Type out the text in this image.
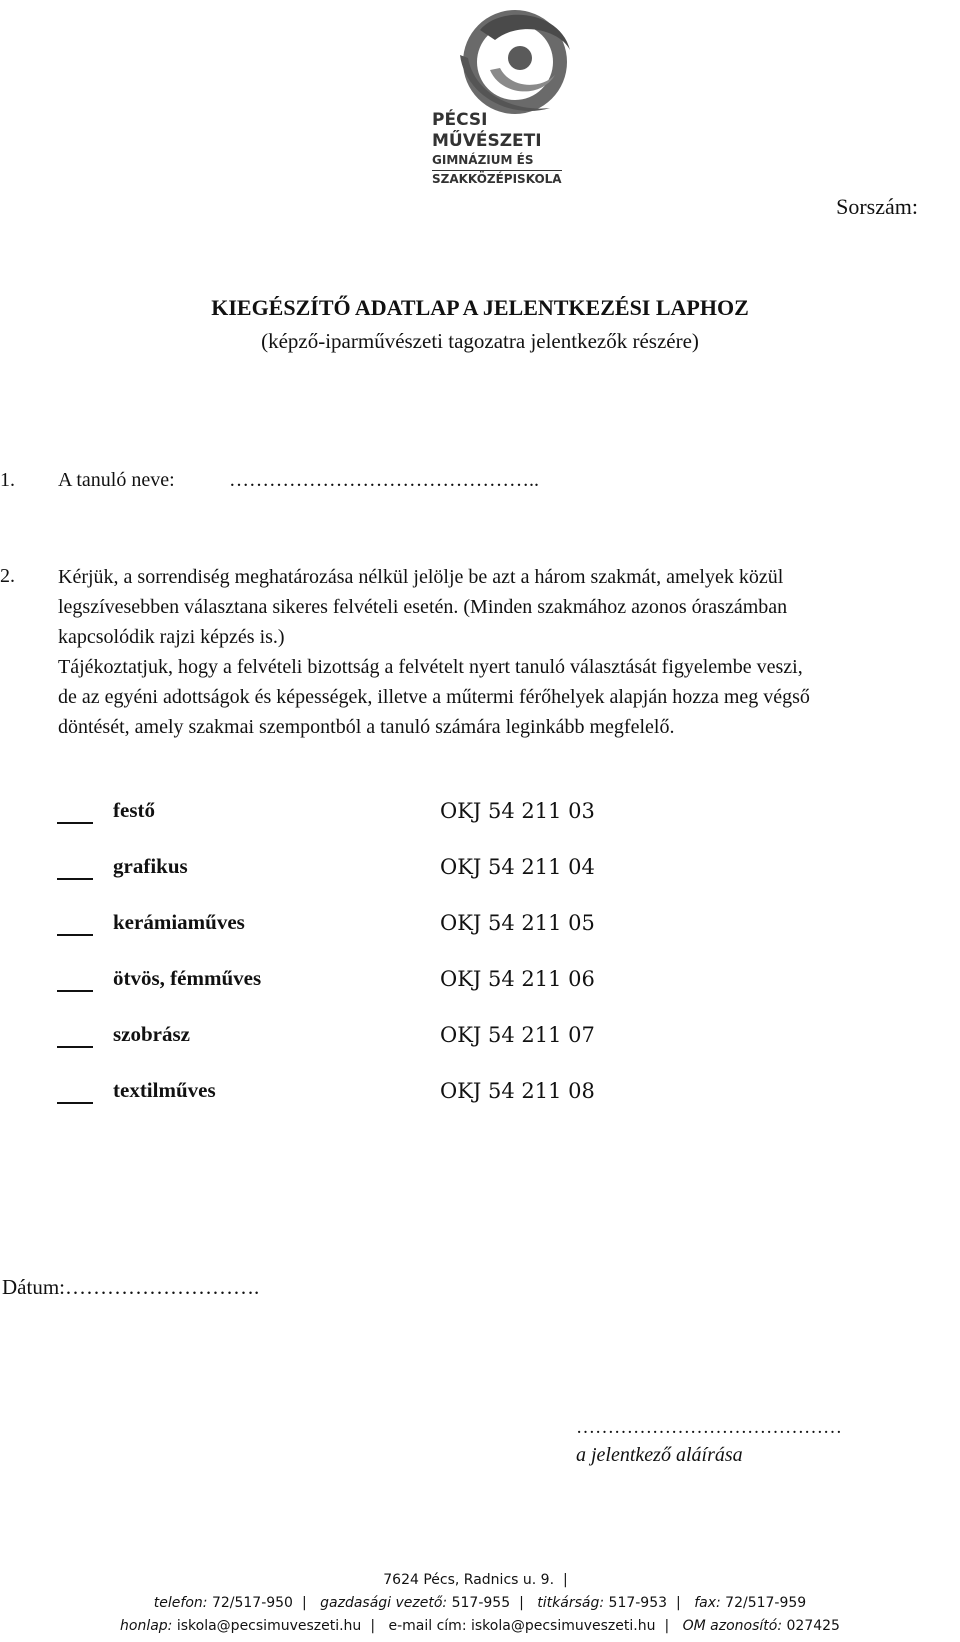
PÉCSI
MŰVÉSZETI
GIMNÁZIUM ÉS
SZAKKÖZÉPISKOLA
Sorszám:
KIEGÉSZÍTŐ ADATLAP A JELENTKEZÉSI LAPHOZ
(képző-iparművészeti tagozatra jelentkezők részére)
1.	A tanuló neve:	………………………………………..
2.	Kérjük, a sorrendiség meghatározása nélkül jelölje be azt a három szakmát, amelyek közül
legszívesebben választana sikeres felvételi esetén. (Minden szakmához azonos óraszámban
kapcsolódik rajzi képzés is.)
Tájékoztatjuk, hogy a felvételi bizottság a felvételt nyert tanuló választását figyelembe veszi,
de az egyéni adottságok és képességek, illetve a műtermi férőhelyek alapján hozza meg végső
döntését, amely szakmai szempontból a tanuló számára leginkább megfelelő.
festő	OKJ 54 211 03
grafikus	OKJ 54 211 04
kerámiaműves	OKJ 54 211 05
ötvös, fémműves	OKJ 54 211 06
szobrász	OKJ 54 211 07
textilműves	OKJ 54 211 08
Dátum:……………………….
……………………………………
a jelentkező aláírása
7624 Pécs, Radnics u. 9. |
telefon: 72/517-950 | gazdasági vezető: 517-955 | titkárság: 517-953 | fax: 72/517-959
honlap: iskola@pecsimuveszeti.hu | e-mail cím: iskola@pecsimuveszeti.hu | OM azonosító: 027425
